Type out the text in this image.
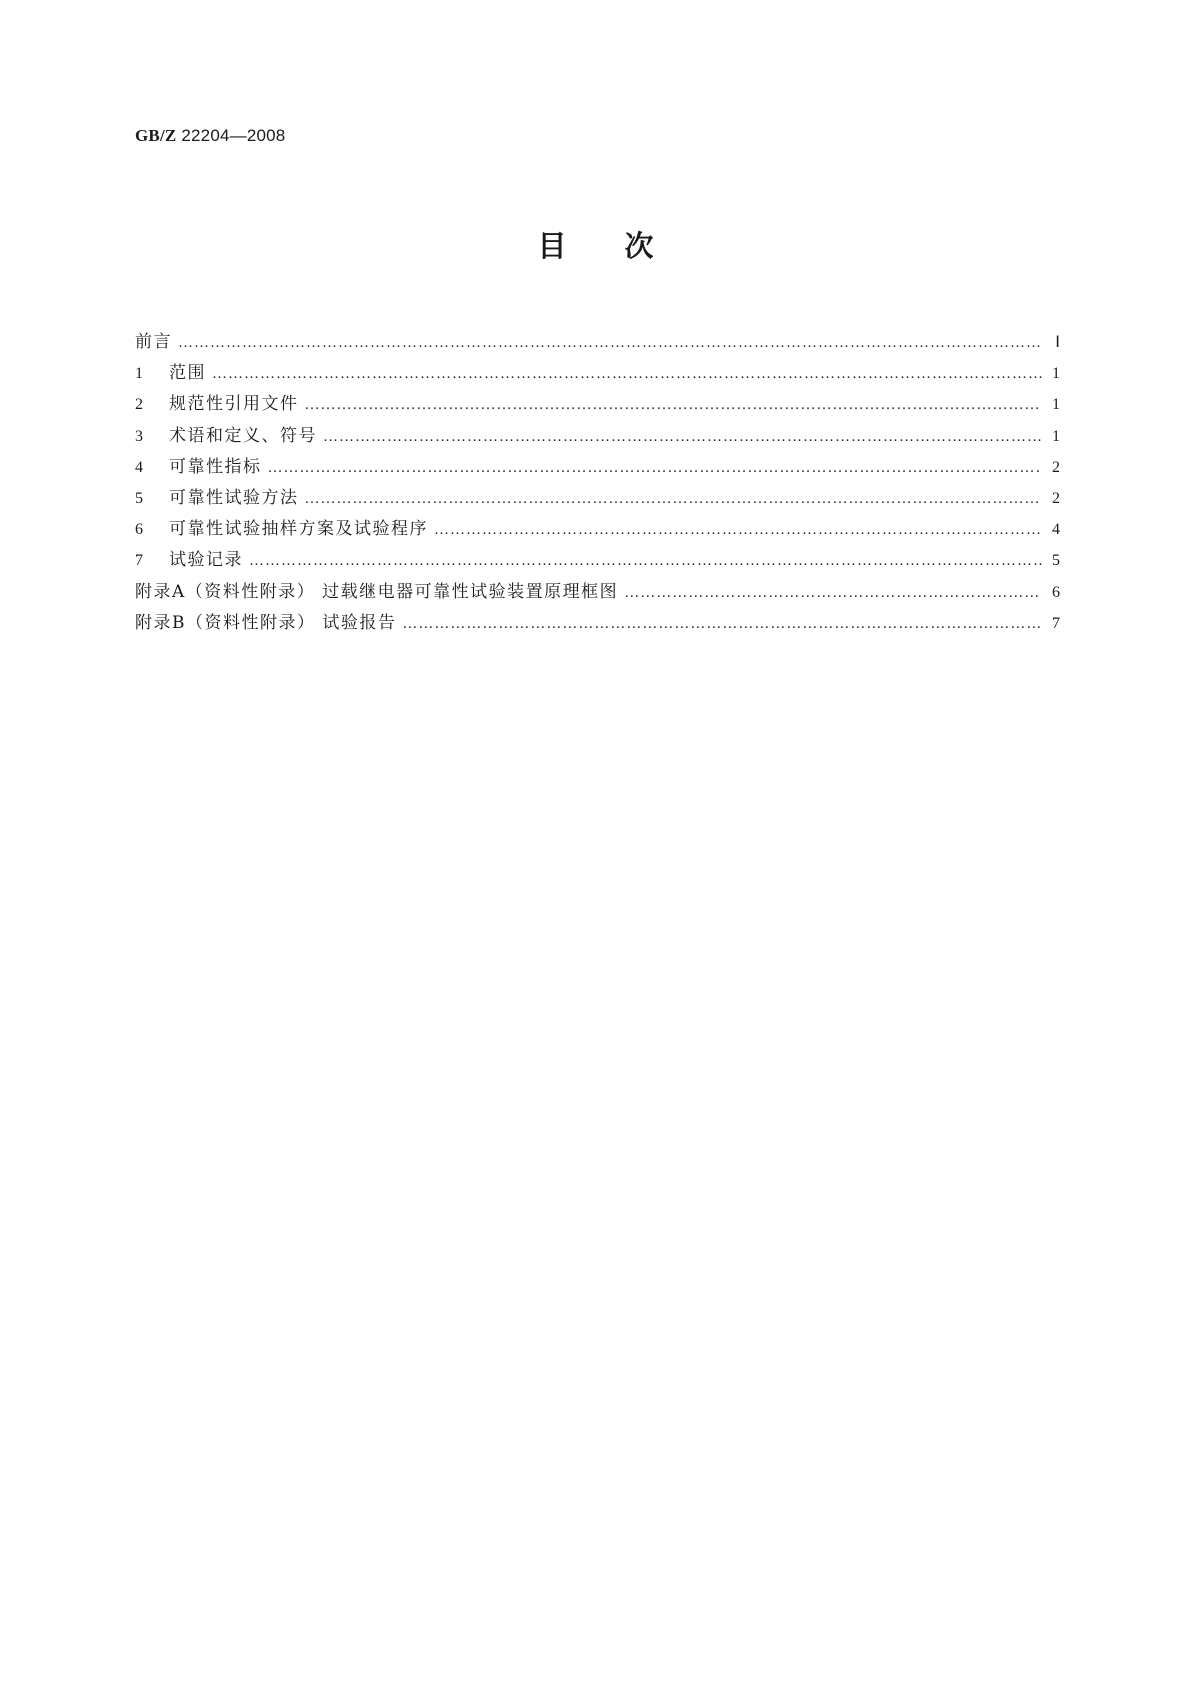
GB/Z 22204—2008
目次
前言 …………………………………………………………………………………………………………………………………………………………………………………………………………	Ⅰ
1	范围 …………………………………………………………………………………………………………………………………………………………………………………………………………	1
2	规范性引用文件 …………………………………………………………………………………………………………………………………………………………………………………………………………	1
3	术语和定义、符号 …………………………………………………………………………………………………………………………………………………………………………………………………………	1
4	可靠性指标 …………………………………………………………………………………………………………………………………………………………………………………………………………	2
5	可靠性试验方法 …………………………………………………………………………………………………………………………………………………………………………………………………………	2
6	可靠性试验抽样方案及试验程序 …………………………………………………………………………………………………………………………………………………………………………………………………………	4
7	试验记录 …………………………………………………………………………………………………………………………………………………………………………………………………………	5
附录A（资料性附录） 过载继电器可靠性试验装置原理框图 …………………………………………………………………………………………………………………………………………………………………………………………………………	6
附录B（资料性附录） 试验报告 …………………………………………………………………………………………………………………………………………………………………………………………………………	7
